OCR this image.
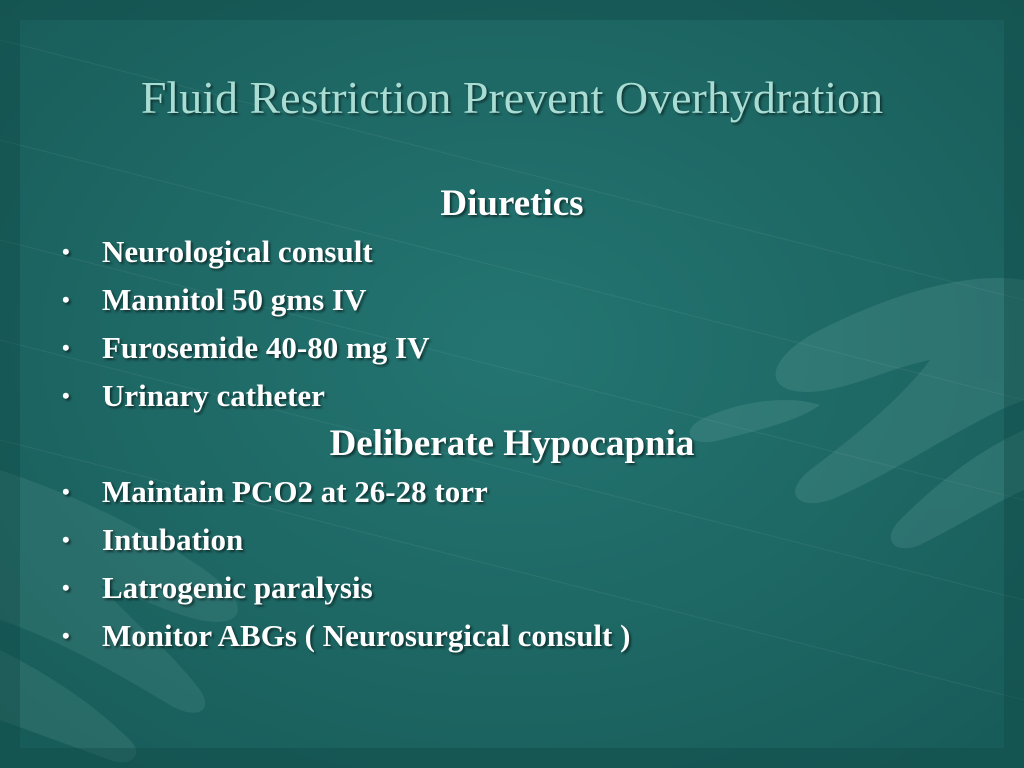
Fluid Restriction Prevent Overhydration

Diuretics

• Neurological consult
• Mannitol 50 gms IV
• Furosemide 40-80 mg IV
• Urinary catheter

Deliberate Hypocapnia

• Maintain PCO2 at 26-28 torr
• Intubation
• Latrogenic paralysis
• Monitor ABGs ( Neurosurgical consult )
